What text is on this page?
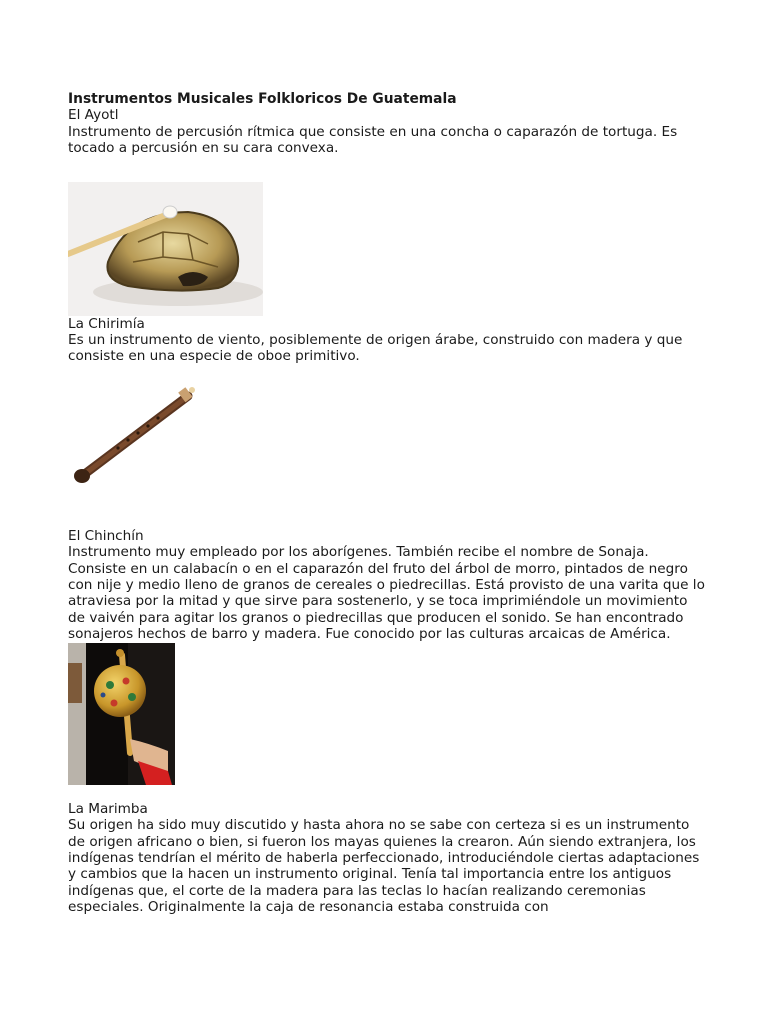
Instrumentos Musicales Folkloricos De Guatemala

El Ayotl

Instrumento de percusión rítmica que consiste en una concha o caparazón de tortuga. Es tocado a percusión en su cara convexa.

La Chirimía

Es un instrumento de viento, posiblemente de origen árabe, construido con madera y que consiste en una especie de oboe primitivo.

El Chinchín

Instrumento muy empleado por los aborígenes. También recibe el nombre de Sonaja. Consiste en un calabacín o en el caparazón del fruto del árbol de morro, pintados de negro con nije y medio lleno de granos de cereales o piedrecillas. Está provisto de una varita que lo atraviesa por la mitad y que sirve para sostenerlo, y se toca imprimiéndole un movimiento de vaivén para agitar los granos o piedrecillas que producen el sonido. Se han encontrado sonajeros hechos de barro y madera. Fue conocido por las culturas arcaicas de América.

La Marimba

Su origen ha sido muy discutido y hasta ahora no se sabe con certeza si es un instrumento de origen africano o bien, si fueron los mayas quienes la crearon. Aún siendo extranjera, los indígenas tendrían el mérito de haberla perfeccionado, introduciéndole ciertas adaptaciones y cambios que la hacen un instrumento original. Tenía tal importancia entre los antiguos indígenas que, el corte de la madera para las teclas lo hacían realizando ceremonias especiales. Originalmente la caja de resonancia estaba construida con
